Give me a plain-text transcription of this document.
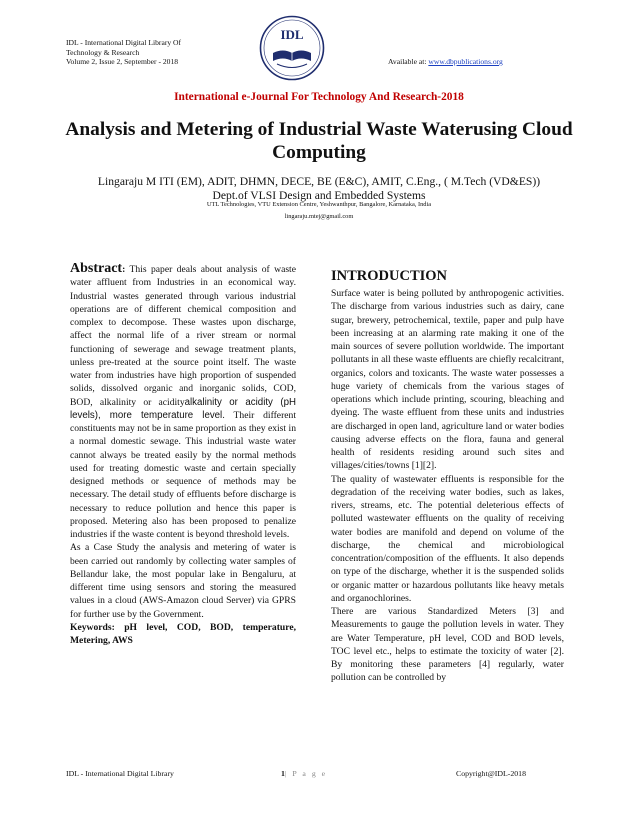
IDL - International Digital Library Of
Technology & Research
Volume 2, Issue 2, September - 2018
IDL
Available at: www.dbpublications.org
International e-Journal For Technology And Research-2018
Analysis and Metering of Industrial Waste Waterusing Cloud Computing
Lingaraju M ITI (EM), ADIT, DHMN, DECE, BE (E&C), AMIT, C.Eng., ( M.Tech (VD&ES))
Dept.of VLSI Design and Embedded Systems
UTL Technologies, VTU Extension Centre, Yeshwanthpur, Bangalore, Karnataka, India
lingaraju.mtej@gmail.com

Abstract: This paper deals about analysis of waste water affluent from Industries in an economical way. Industrial wastes generated through various industrial operations are of different chemical composition and complex to decompose. These wastes upon discharge, affect the normal life of a river stream or normal functioning of sewerage and sewage treatment plants, unless pre-treated at the source point itself. The waste water from industries have high proportion of suspended solids, dissolved organic and inorganic solids, COD, BOD, alkalinity or acidityalkalinity or acidity (pH levels), more temperature level. Their different constituents may not be in same proportion as they exist in a normal domestic sewage. This industrial waste water cannot always be treated easily by the normal methods used for treating domestic waste and certain specially designed methods or sequence of methods may be necessary. The detail study of effluents before discharge is necessary to reduce pollution and hence this paper is proposed. Metering also has been proposed to penalize industries if the waste content is beyond threshold levels.

As a Case Study the analysis and metering of water is been carried out randomly by collecting water samples of Bellandur lake, the most popular lake in Bengaluru, at different time using sensors and storing the measured values in a cloud (AWS-Amazon cloud Server) via GPRS for further use by the Government.

Keywords: pH level, COD, BOD, temperature, Metering, AWS

INTRODUCTION

Surface water is being polluted by anthropogenic activities. The discharge from various industries such as dairy, cane sugar, brewery, petrochemical, textile, paper and pulp have been increasing at an alarming rate making it one of the main sources of severe pollution worldwide. The important pollutants in all these waste effluents are chiefly recalcitrant, organics, colors and toxicants. The waste water possesses a huge variety of chemicals from the various stages of operations which include printing, scouring, bleaching and dyeing. The waste effluent from these units and industries are discharged in open land, agriculture land or water bodies causing adverse effects on the flora, fauna and general health of residents residing around such sites and villages/cities/towns [1][2].

The quality of wastewater effluents is responsible for the degradation of the receiving water bodies, such as lakes, rivers, streams, etc. The potential deleterious effects of polluted wastewater effluents on the quality of receiving water bodies are manifold and depend on volume of the discharge, the chemical and microbiological concentration/composition of the effluents. It also depends on type of the discharge, whether it is the suspended solids or organic matter or hazardous pollutants like heavy metals and organochlorines.

There are various Standardized Meters [3] and Measurements to gauge the pollution levels in water. They are Water Temperature, pH level, COD and BOD levels, TOC level etc., helps to estimate the toxicity of water [2]. By monitoring these parameters [4] regularly, water pollution can be controlled by

IDL - International Digital Library	1| P a g e	Copyright@IDL-2018
